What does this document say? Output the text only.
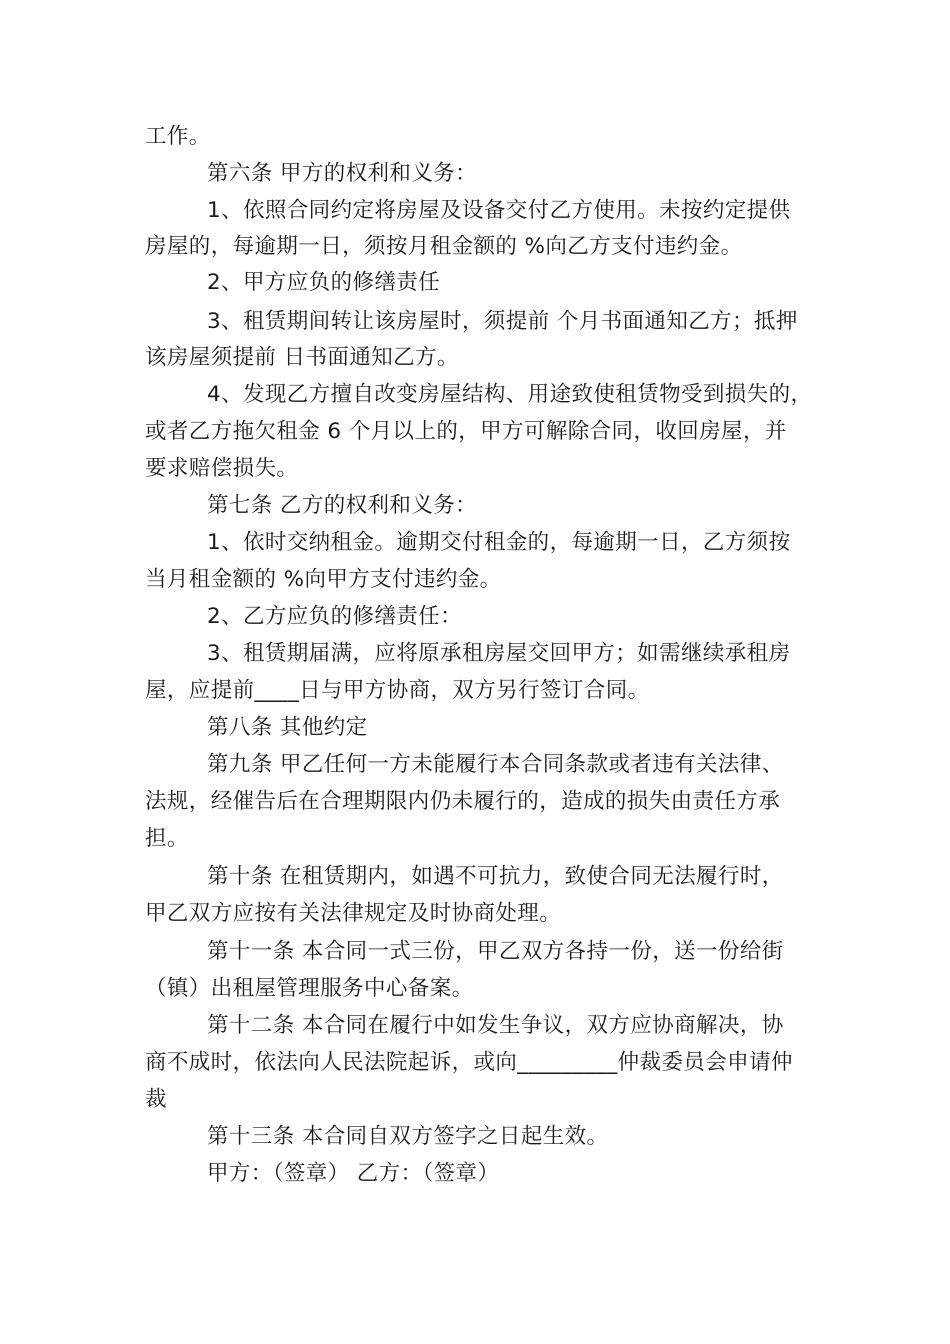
工作。
第六条 甲方的权利和义务：
1、依照合同约定将房屋及设备交付乙方使用。未按约定提供
房屋的，每逾期一日，须按月租金额的 %向乙方支付违约金。
2、甲方应负的修缮责任
3、租赁期间转让该房屋时，须提前 个月书面通知乙方；抵押
该房屋须提前 日书面通知乙方。
4、发现乙方擅自改变房屋结构、用途致使租赁物受到损失的，
或者乙方拖欠租金 6 个月以上的，甲方可解除合同，收回房屋，并
要求赔偿损失。
第七条 乙方的权利和义务：
1、依时交纳租金。逾期交付租金的，每逾期一日，乙方须按
当月租金额的 %向甲方支付违约金。
2、乙方应负的修缮责任：
3、租赁期届满，应将原承租房屋交回甲方；如需继续承租房
屋，应提前____日与甲方协商，双方另行签订合同。
第八条 其他约定
第九条 甲乙任何一方未能履行本合同条款或者违有关法律、
法规，经催告后在合理期限内仍未履行的，造成的损失由责任方承
担。
第十条 在租赁期内，如遇不可抗力，致使合同无法履行时，
甲乙双方应按有关法律规定及时协商处理。
第十一条 本合同一式三份，甲乙双方各持一份，送一份给街
（镇）出租屋管理服务中心备案。
第十二条 本合同在履行中如发生争议，双方应协商解决，协
商不成时，依法向人民法院起诉，或向_________仲裁委员会申请仲
裁
第十三条 本合同自双方签字之日起生效。
甲方：（签章） 乙方：（签章）
